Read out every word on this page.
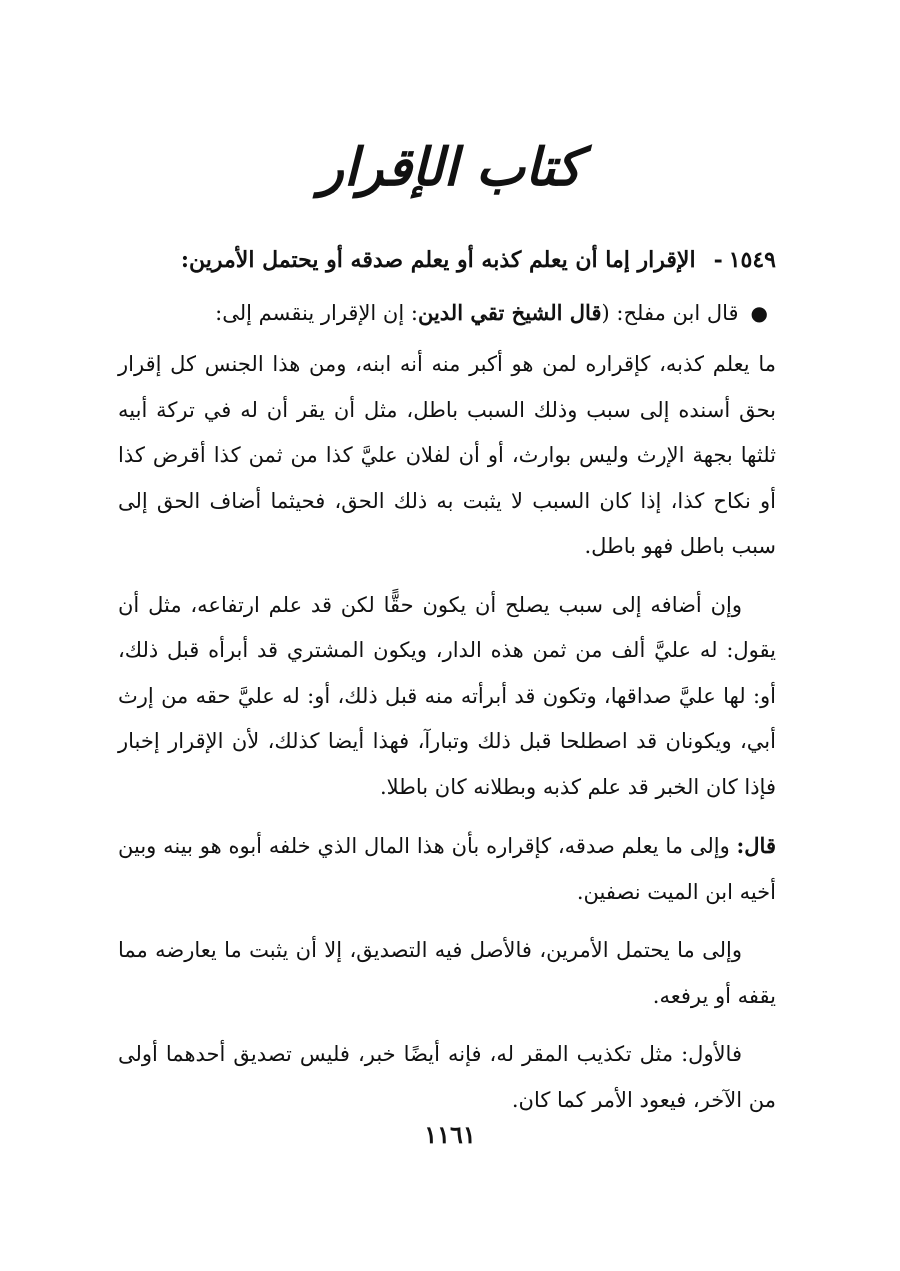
كتاب الإقرار

١٥٤٩-الإقرار إما أن يعلم كذبه أو يعلم صدقه أو يحتمل الأمرين:

●قال ابن مفلح: (قال الشيخ تقي الدين: إن الإقرار ينقسم إلى:

ما يعلم كذبه، كإقراره لمن هو أكبر منه أنه ابنه، ومن هذا الجنس كل إقرار بحق أسنده إلى سبب وذلك السبب باطل، مثل أن يقر أن له في تركة أبيه ثلثها بجهة الإرث وليس بوارث، أو أن لفلان عليَّ كذا من ثمن كذا أقرض كذا أو نكاح كذا، إذا كان السبب لا يثبت به ذلك الحق، فحيثما أضاف الحق إلى سبب باطل فهو باطل.

وإن أضافه إلى سبب يصلح أن يكون حقًّا لكن قد علم ارتفاعه، مثل أن يقول: له عليَّ ألف من ثمن هذه الدار، ويكون المشتري قد أبرأه قبل ذلك، أو: لها عليَّ صداقها، وتكون قد أبرأته منه قبل ذلك، أو: له عليَّ حقه من إرث أبي، ويكونان قد اصطلحا قبل ذلك وتبارآ، فهذا أيضا كذلك، لأن الإقرار إخبار فإذا كان الخبر قد علم كذبه وبطلانه كان باطلا.

قال: وإلى ما يعلم صدقه، كإقراره بأن هذا المال الذي خلفه أبوه هو بينه وبين أخيه ابن الميت نصفين.

وإلى ما يحتمل الأمرين، فالأصل فيه التصديق، إلا أن يثبت ما يعارضه مما يقفه أو يرفعه.

فالأول: مثل تكذيب المقر له، فإنه أيضًا خبر، فليس تصديق أحدهما أولى من الآخر، فيعود الأمر كما كان.

١١٦١
